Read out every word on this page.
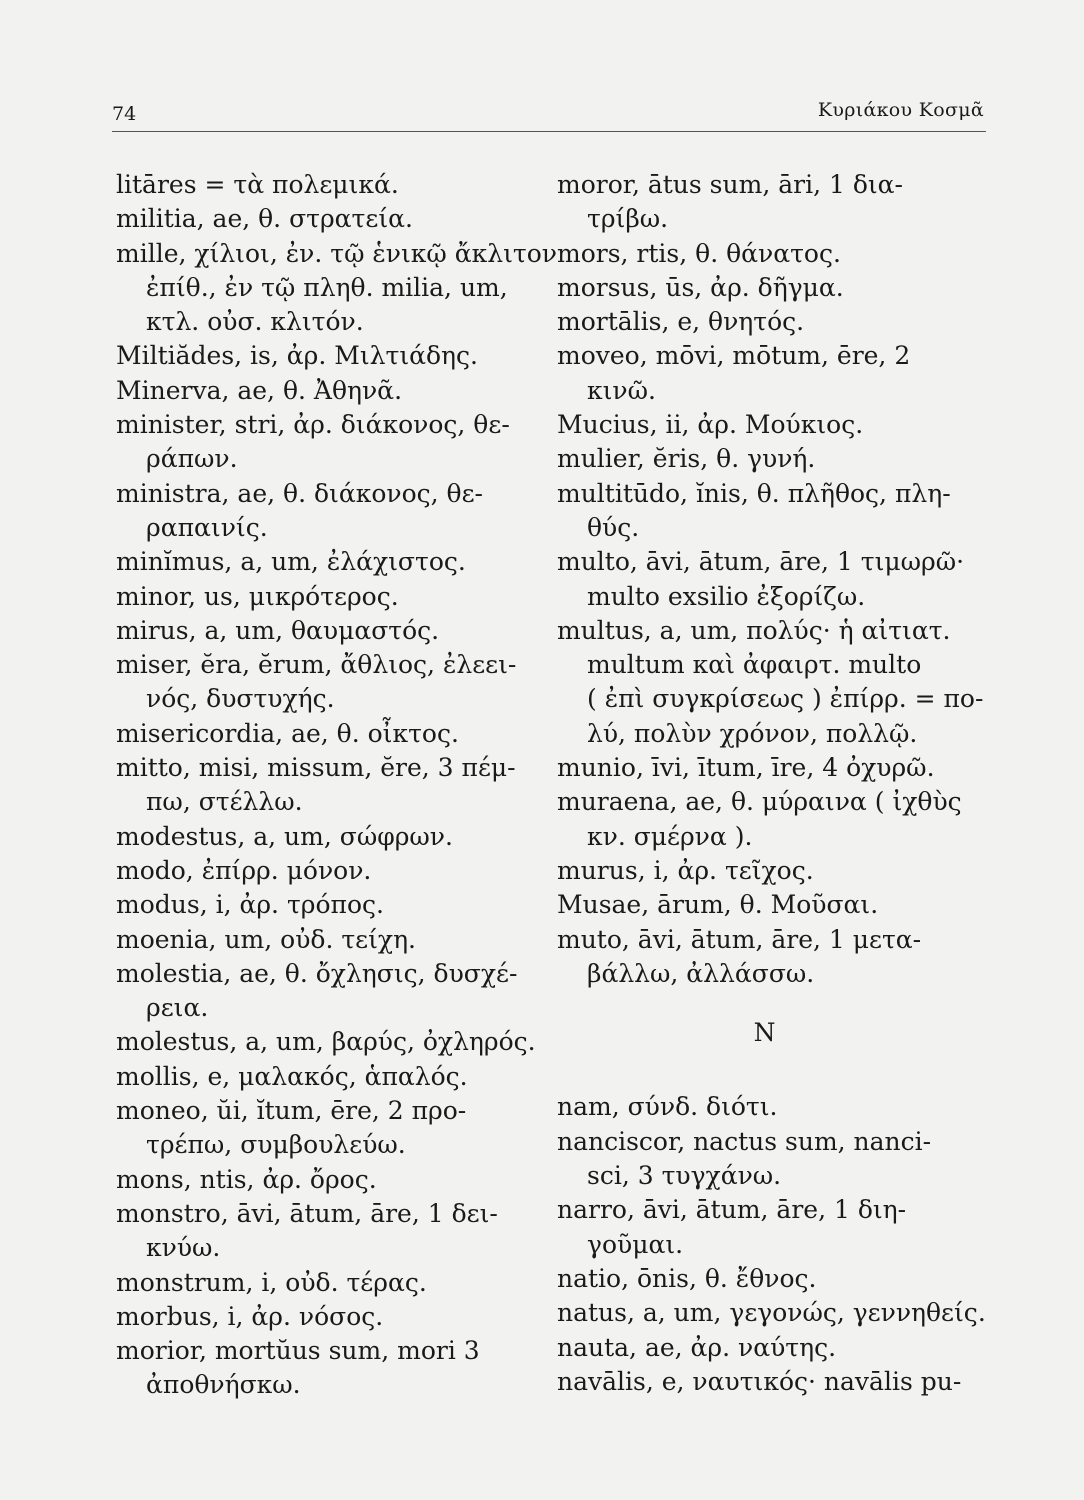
74	Κυριάκου Κοσμᾶ
litāres = τὰ πολεμικά.
militia, ae, θ. στρατεία.
mille, χίλιοι, ἐν. τῷ ἑνικῷ ἄκλιτον
ἐπίθ., ἐν τῷ πληθ. milia, um,
κτλ. οὐσ. κλιτόν.
Miltiădes, is, ἀρ. Μιλτιάδης.
Minerva, ae, θ. Ἀθηνᾶ.
minister, stri, ἀρ. διάκονος, θε-
ράπων.
ministra, ae, θ. διάκονος, θε-
ραπαινίς.
minĭmus, a, um, ἐλάχιστος.
minor, us, μικρότερος.
mirus, a, um, θαυμαστός.
miser, ĕra, ĕrum, ἄθλιος, ἐλεει-
νός, δυστυχής.
misericordia, ae, θ. οἶκτος.
mitto, misi, missum, ĕre, 3 πέμ-
πω, στέλλω.
modestus, a, um, σώφρων.
modo, ἐπίρρ. μόνον.
modus, i, ἀρ. τρόπος.
moenia, um, οὐδ. τείχη.
molestia, ae, θ. ὄχλησις, δυσχέ-
ρεια.
molestus, a, um, βαρύς, ὀχληρός.
mollis, e, μαλακός, ἁπαλός.
moneo, ŭi, ĭtum, ēre, 2 προ-
τρέπω, συμβουλεύω.
mons, ntis, ἀρ. ὄρος.
monstro, āvi, ātum, āre, 1 δει-
κνύω.
monstrum, i, οὐδ. τέρας.
morbus, i, ἀρ. νόσος.
morior, mortŭus sum, mori 3
ἀποθνήσκω.
moror, ātus sum, āri, 1 δια-
τρίβω.
mors, rtis, θ. θάνατος.
morsus, ūs, ἀρ. δῆγμα.
mortālis, e, θνητός.
moveo, mōvi, mōtum, ēre, 2
κινῶ.
Mucius, ii, ἀρ. Μούκιος.
mulier, ĕris, θ. γυνή.
multitūdo, ĭnis, θ. πλῆθος, πλη-
θύς.
multo, āvi, ātum, āre, 1 τιμωρῶ·
multo exsilio ἐξορίζω.
multus, a, um, πολύς· ἡ αἰτιατ.
multum καὶ ἀφαιρτ. multo
( ἐπὶ συγκρίσεως ) ἐπίρρ. = πο-
λύ, πολὺν χρόνον, πολλῷ.
munio, īvi, ītum, īre, 4 ὀχυρῶ.
muraena, ae, θ. μύραινα ( ἰχθὺς
κν. σμέρνα ).
murus, i, ἀρ. τεῖχος.
Musae, ārum, θ. Μοῦσαι.
muto, āvi, ātum, āre, 1 μετα-
βάλλω, ἀλλάσσω.
N
nam, σύνδ. διότι.
nanciscor, nactus sum, nanci-
sci, 3 τυγχάνω.
narro, āvi, ātum, āre, 1 διη-
γοῦμαι.
natio, ōnis, θ. ἔθνος.
natus, a, um, γεγονώς, γεννηθείς.
nauta, ae, ἀρ. ναύτης.
navālis, e, ναυτικός· navālis pu-
